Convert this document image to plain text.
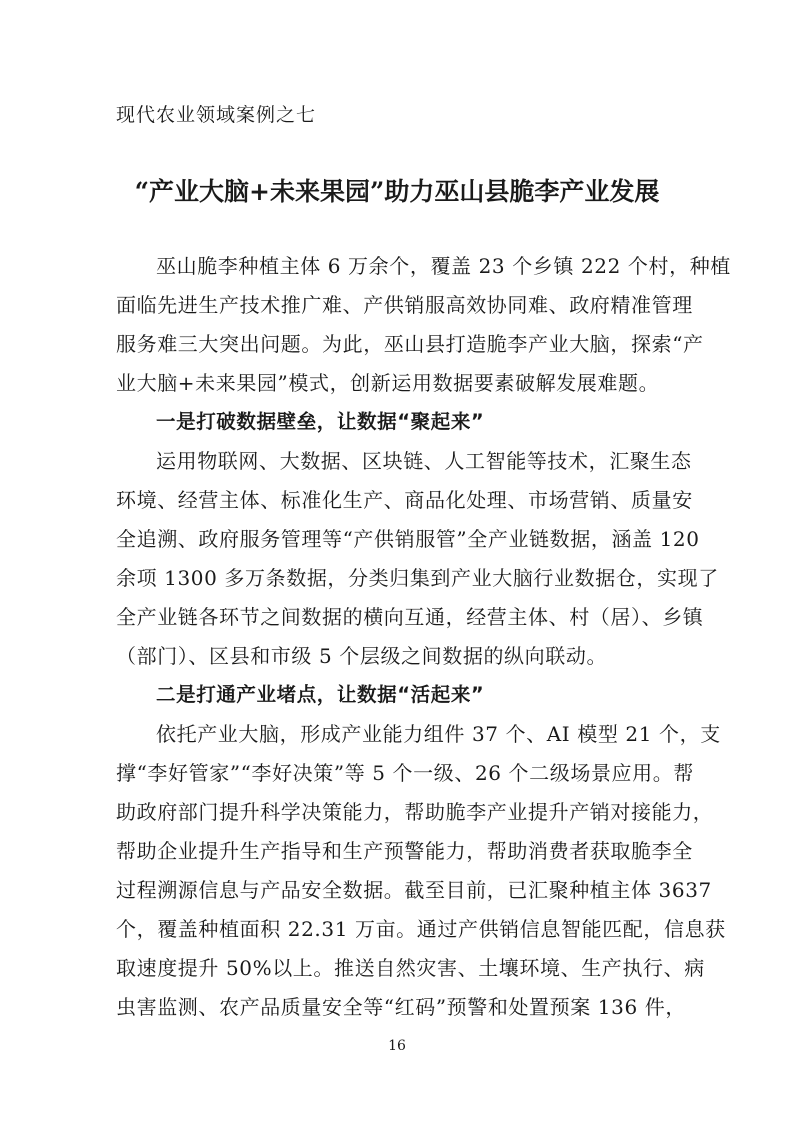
现代农业领域案例之七
“产业大脑+未来果园”助力巫山县脆李产业发展
巫山脆李种植主体 6 万余个，覆盖 23 个乡镇 222 个村，种植
面临先进生产技术推广难、产供销服高效协同难、政府精准管理
服务难三大突出问题。为此，巫山县打造脆李产业大脑，探索“产
业大脑+未来果园”模式，创新运用数据要素破解发展难题。
一是打破数据壁垒，让数据“聚起来”
运用物联网、大数据、区块链、人工智能等技术，汇聚生态
环境、经营主体、标准化生产、商品化处理、市场营销、质量安
全追溯、政府服务管理等“产供销服管”全产业链数据，涵盖 120
余项 1300 多万条数据，分类归集到产业大脑行业数据仓，实现了
全产业链各环节之间数据的横向互通，经营主体、村（居）、乡镇
（部门）、区县和市级 5 个层级之间数据的纵向联动。
二是打通产业堵点，让数据“活起来”
依托产业大脑，形成产业能力组件 37 个、AI 模型 21 个，支
撑“李好管家”“李好决策”等 5 个一级、26 个二级场景应用。帮
助政府部门提升科学决策能力，帮助脆李产业提升产销对接能力，
帮助企业提升生产指导和生产预警能力，帮助消费者获取脆李全
过程溯源信息与产品安全数据。截至目前，已汇聚种植主体 3637
个，覆盖种植面积 22.31 万亩。通过产供销信息智能匹配，信息获
取速度提升 50%以上。推送自然灾害、土壤环境、生产执行、病
虫害监测、农产品质量安全等“红码”预警和处置预案 136 件，
16
